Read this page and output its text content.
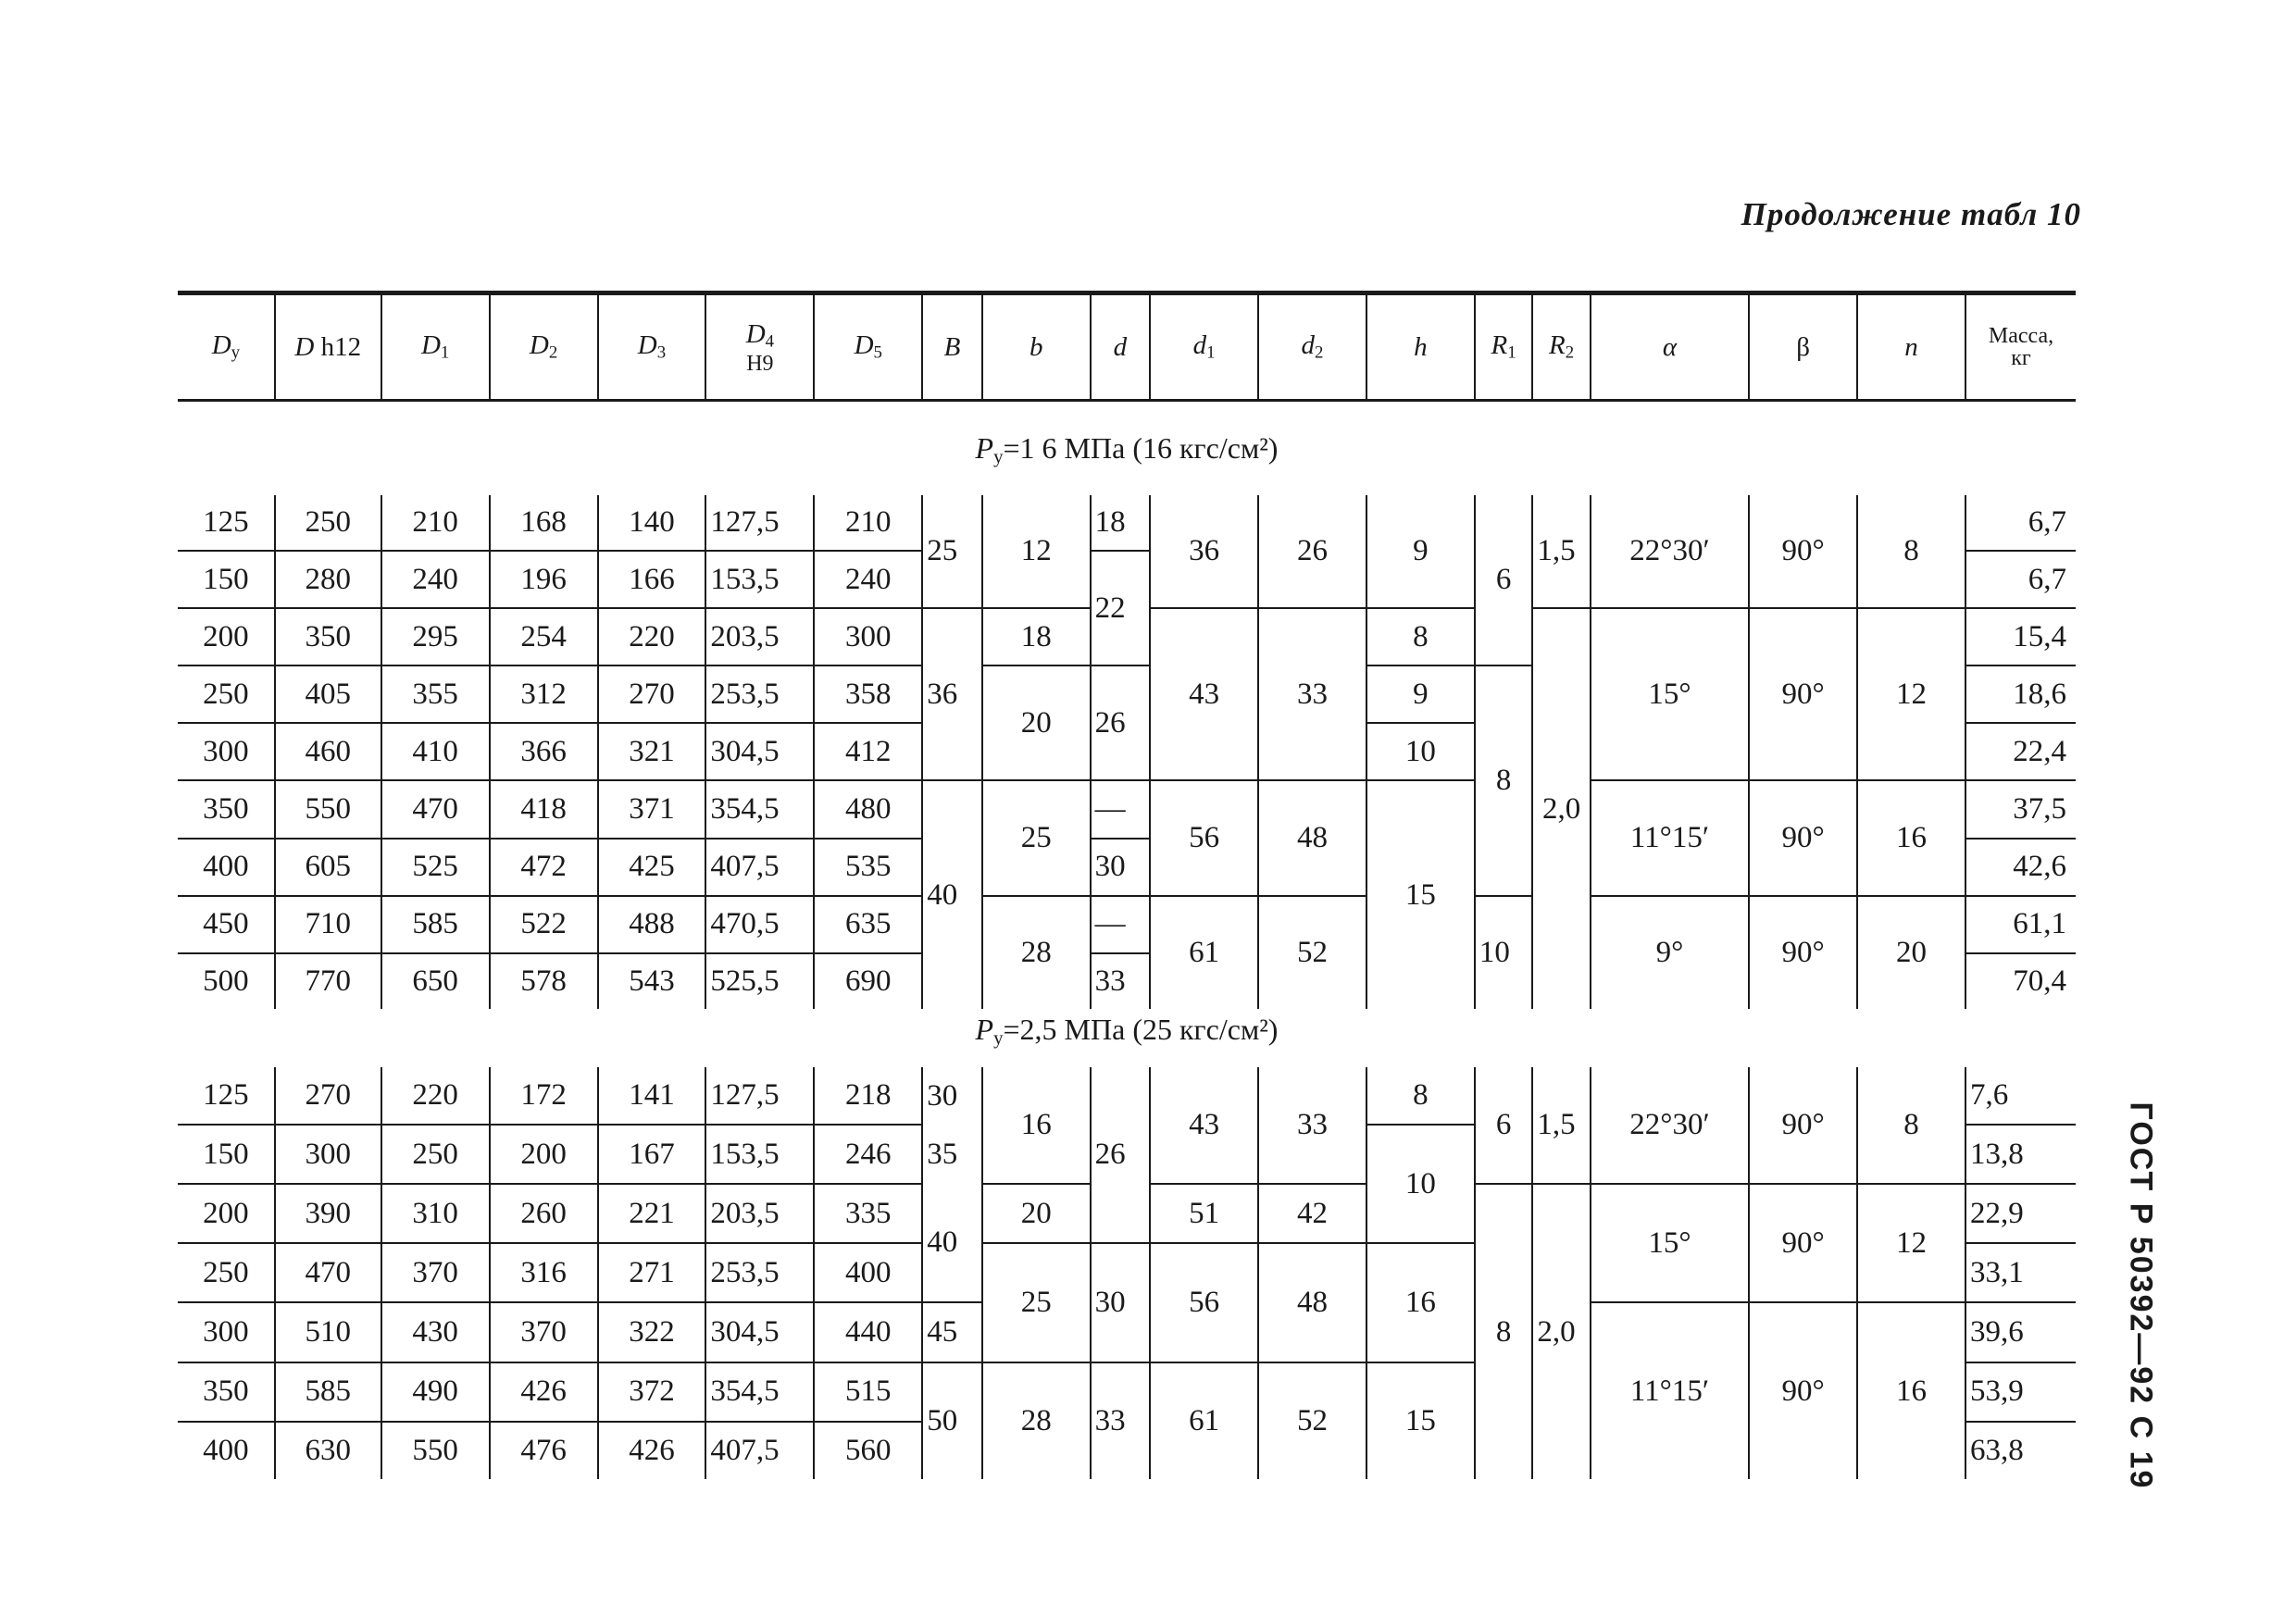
Продолжение табл 10
ГОСТ Р 50392—92 С 19
$D_у$	D h12	$D_1$	$D_2$	$D_3$	$D_4$
H9
	$D_5$	B	b	d	$d_1$	$d_2$	h	$R_1$	$R_2$	α	β	n	Масса,
кг
$P_у=1$ 6 МПа (16 кгс/см²)
125	250	210	168	140	127,5	210	25	12	18	36	26	9	6	1,5	22°30′	90°	8	6,7
150	280	240	196	166	153,5	240			22									6,7
200	350	295	254	220	203,5	300	36	18		43	33	8		2,0	15°	90°	12	15,4
250	405	355	312	270	253,5	358		20	26			9	8					18,6
300	460	410	366	321	304,5	412						10						22,4
350	550	470	418	371	354,5	480	40	25	—	56	48	15			11°15′	90°	16	37,5
400	605	525	472	425	407,5	535			30									42,6
450	710	585	522	488	470,5	635		28	—	61	52		10		9°	90°	20	61,1
500	770	650	578	543	525,5	690			33									70,4
$P_у=2,5$ МПа (25 кгс/см²)
125	270	220	172	141	127,5	218	30	16	26	43	33	8	6	1,5	22°30′	90°	8	7,6
150	300	250	200	167	153,5	246	35					10						13,8
200	390	310	260	221	203,5	335	40	20		51	42		8	2,0	15°	90°	12	22,9
250	470	370	316	271	253,5	400		25	30	56	48	16						33,1
300	510	430	370	322	304,5	440	45								11°15′	90°	16	39,6
350	585	490	426	372	354,5	515	50	28	33	61	52	15						53,9
400	630	550	476	426	407,5	560												63,8
